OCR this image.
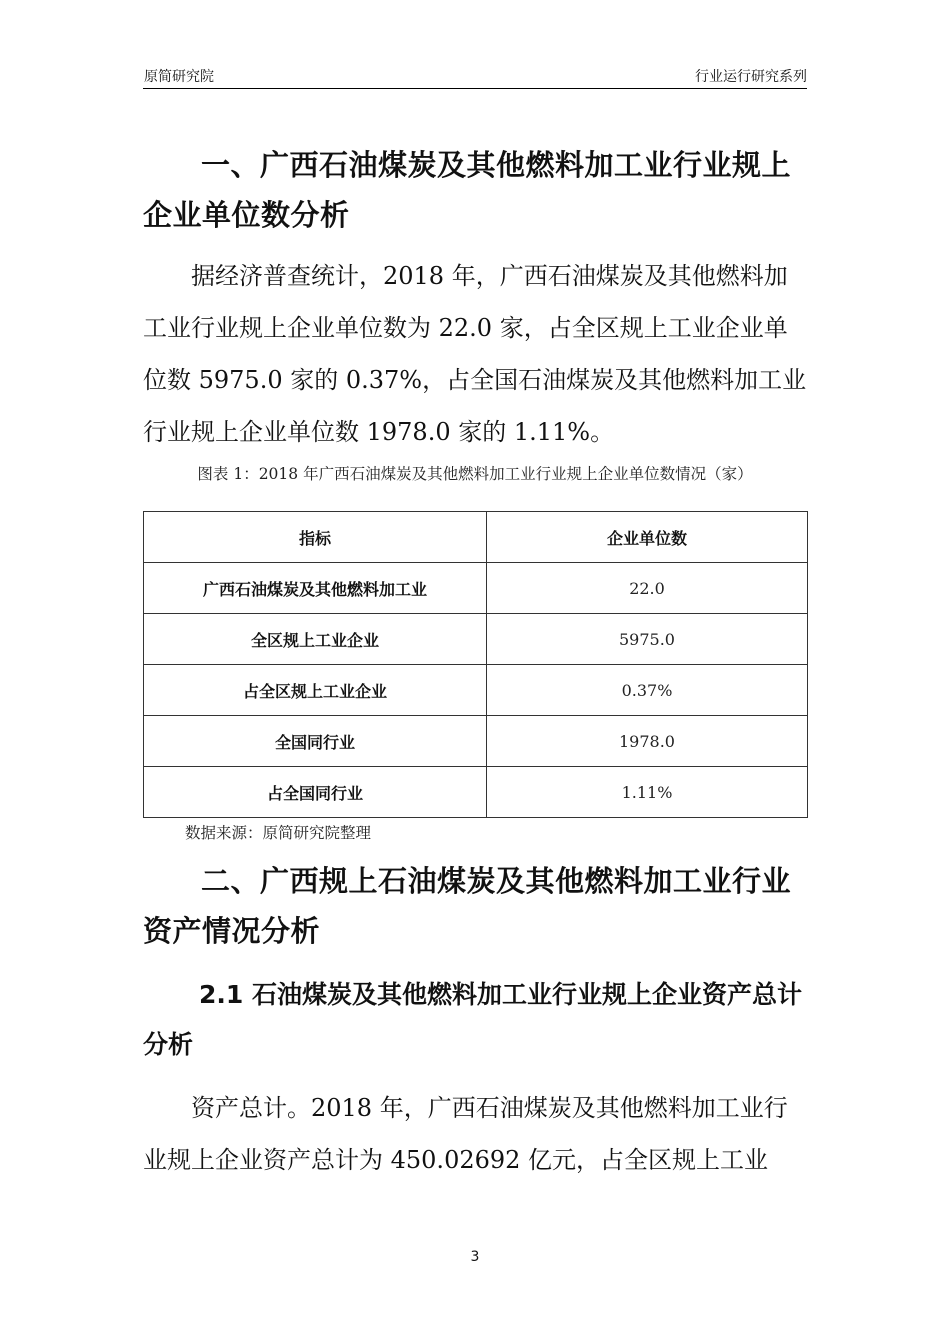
原简研究院	行业运行研究系列
一、广西石油煤炭及其他燃料加工业行业规上企业单位数分析

据经济普查统计，2018 年，广西石油煤炭及其他燃料加工业行业规上企业单位数为 22.0 家，占全区规上工业企业单位数 5975.0 家的 0.37%，占全国石油煤炭及其他燃料加工业行业规上企业单位数 1978.0 家的 1.11%。

图表 1：2018 年广西石油煤炭及其他燃料加工业行业规上企业单位数情况（家）
指标	企业单位数
广西石油煤炭及其他燃料加工业	22.0
全区规上工业企业	5975.0
占全区规上工业企业	0.37%
全国同行业	1978.0
占全国同行业	1.11%
数据来源：原简研究院整理
二、广西规上石油煤炭及其他燃料加工业行业资产情况分析
2.1 石油煤炭及其他燃料加工业行业规上企业资产总计分析

资产总计。2018 年，广西石油煤炭及其他燃料加工业行业规上企业资产总计为 450.02692 亿元，占全区规上工业

3
